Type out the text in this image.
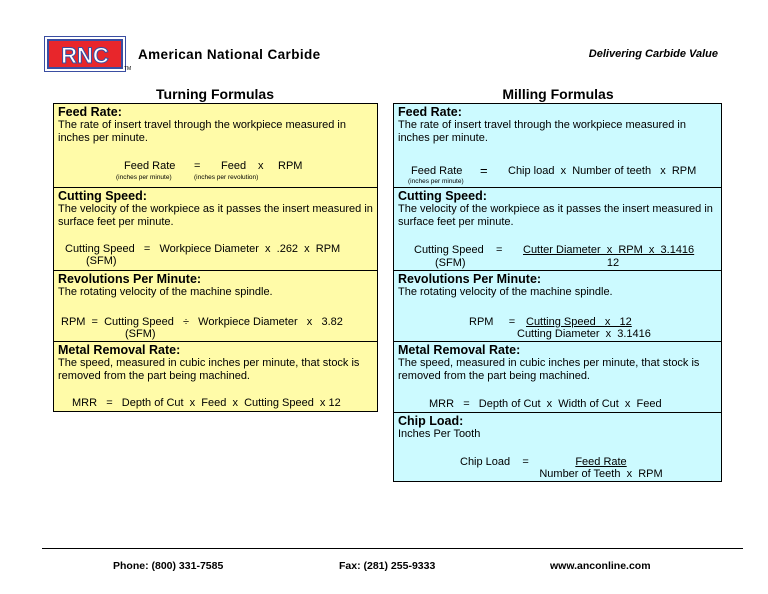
RNC
TM
American National Carbide	Delivering Carbide Value
Turning Formulas	Milling Formulas
Feed Rate:
The rate of insert travel through the workpiece measured in inches per minute.
Feed Rate = Feed x RPM
(inches per minute)	(inches per revolution)
Cutting Speed:
The velocity of the workpiece as it passes the insert measured in surface feet per minute.
Cutting Speed   =   Workpiece Diameter  x  .262  x  RPM
(SFM)
Revolutions Per Minute:
The rotating velocity of the machine spindle.
RPM  =  Cutting Speed   ÷   Workpiece Diameter   x   3.82
(SFM)
Metal Removal Rate:
The speed, measured in cubic inches per minute, that stock is removed from the part being machined.
MRR   =   Depth of Cut  x  Feed  x  Cutting Speed  x 12
Feed Rate:
The rate of insert travel through the workpiece measured in inches per minute.
Feed Rate = Chip load  x  Number of teeth   x  RPM
(inches per minute)
Cutting Speed:
The velocity of the workpiece as it passes the insert measured in surface feet per minute.
Cutting Speed    = Cutter Diameter  x  RPM  x  3.1416
12
(SFM)
Revolutions Per Minute:
The rotating velocity of the machine spindle.
RPM     = Cutting Speed   x   12
Cutting Diameter  x  3.1416
Metal Removal Rate:
The speed, measured in cubic inches per minute, that stock is removed from the part being machined.
MRR   =   Depth of Cut  x  Width of Cut  x  Feed
Chip Load:
Inches Per Tooth
Chip Load    =	Feed Rate
Number of Teeth  x  RPM
Phone: (800) 331-7585	Fax: (281) 255-9333	www.anconline.com
